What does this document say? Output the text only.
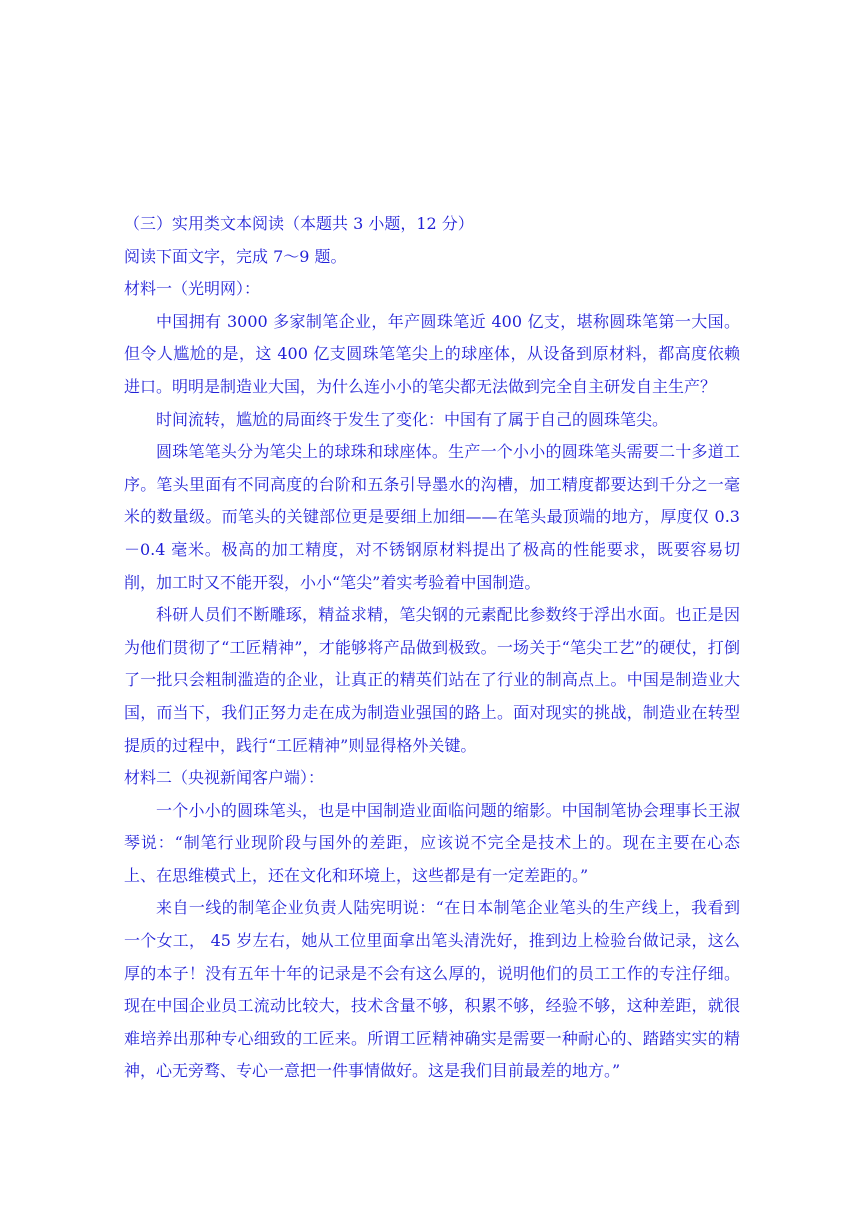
（三）实用类文本阅读（本题共 3 小题，12 分）

阅读下面文字，完成 7～9 题。

材料一（光明网）：

中国拥有 3000 多家制笔企业，年产圆珠笔近 400 亿支，堪称圆珠笔第一大国。但令人尴尬的是，这 400 亿支圆珠笔笔尖上的球座体，从设备到原材料，都高度依赖进口。明明是制造业大国，为什么连小小的笔尖都无法做到完全自主研发自主生产？

时间流转，尴尬的局面终于发生了变化：中国有了属于自己的圆珠笔尖。

圆珠笔笔头分为笔尖上的球珠和球座体。生产一个小小的圆珠笔头需要二十多道工序。笔头里面有不同高度的台阶和五条引导墨水的沟槽，加工精度都要达到千分之一毫米的数量级。而笔头的关键部位更是要细上加细——在笔头最顶端的地方，厚度仅 0.3－0.4 毫米。极高的加工精度，对不锈钢原材料提出了极高的性能要求，既要容易切削，加工时又不能开裂，小小“笔尖”着实考验着中国制造。

科研人员们不断雕琢，精益求精，笔尖钢的元素配比参数终于浮出水面。也正是因为他们贯彻了“工匠精神”，才能够将产品做到极致。一场关于“笔尖工艺”的硬仗，打倒了一批只会粗制滥造的企业，让真正的精英们站在了行业的制高点上。中国是制造业大国，而当下，我们正努力走在成为制造业强国的路上。面对现实的挑战，制造业在转型提质的过程中，践行“工匠精神”则显得格外关键。

材料二（央视新闻客户端）：

一个小小的圆珠笔头，也是中国制造业面临问题的缩影。中国制笔协会理事长王淑琴说：“制笔行业现阶段与国外的差距，应该说不完全是技术上的。现在主要在心态上、在思维模式上，还在文化和环境上，这些都是有一定差距的。”

来自一线的制笔企业负责人陆宪明说：“在日本制笔企业笔头的生产线上，我看到一个女工， 45 岁左右，她从工位里面拿出笔头清洗好，推到边上检验台做记录，这么厚的本子！没有五年十年的记录是不会有这么厚的，说明他们的员工工作的专注仔细。现在中国企业员工流动比较大，技术含量不够，积累不够，经验不够，这种差距，就很难培养出那种专心细致的工匠来。所谓工匠精神确实是需要一种耐心的、踏踏实实的精神，心无旁骛、专心一意把一件事情做好。这是我们目前最差的地方。”
